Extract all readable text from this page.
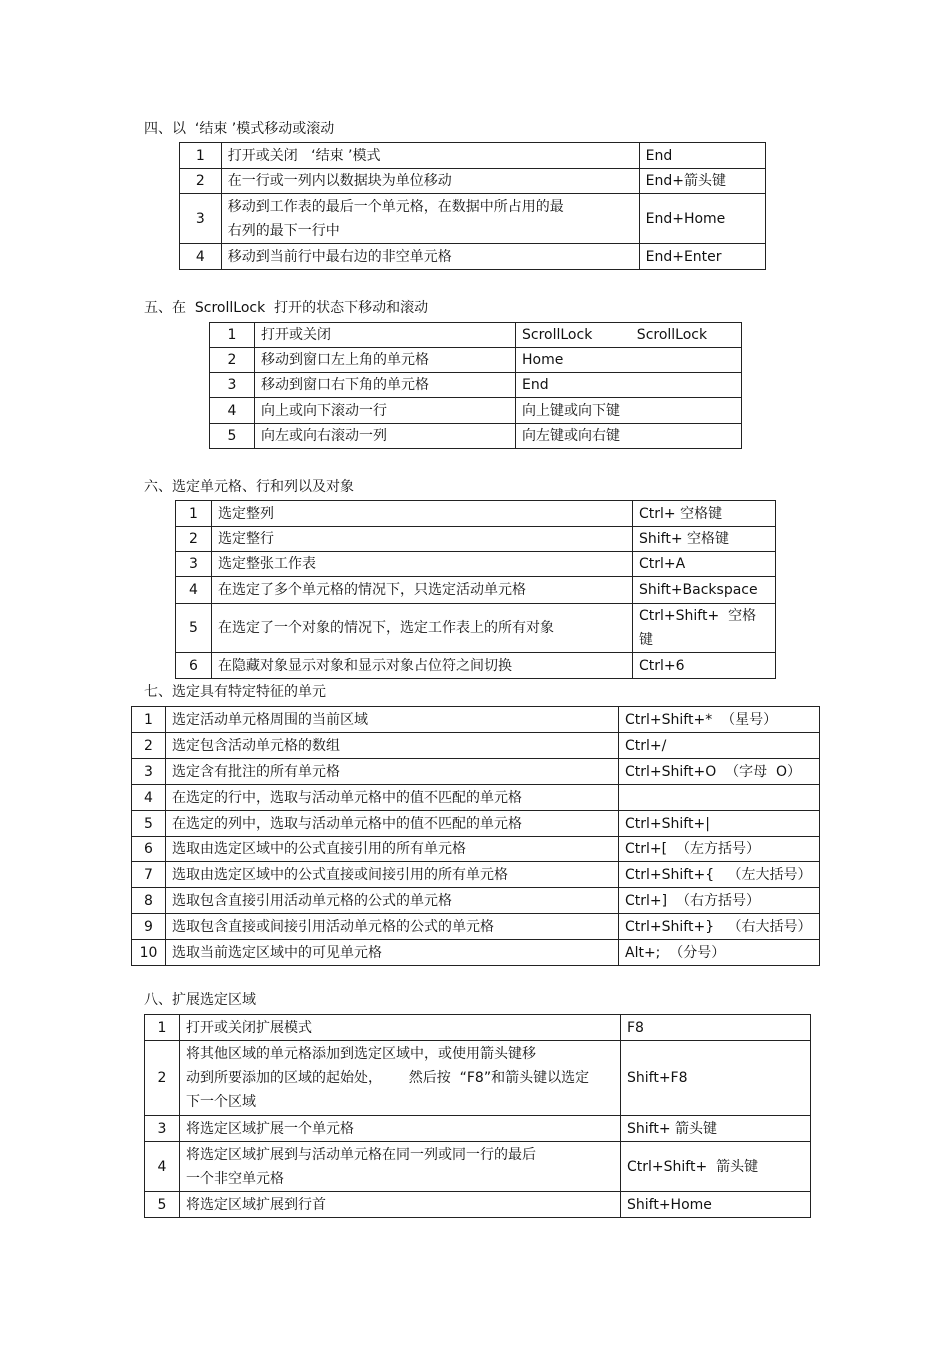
四、以  ‘结束 ’模式移动或滚动
1	打开或关闭   ‘结束 ’模式	End
2	在一行或一列内以数据块为单位移动	End+箭头键
3	移动到工作表的最后一个单元格，在数据中所占用的最
右列的最下一行中	End+Home
4	移动到当前行中最右边的非空单元格	End+Enter
五、在  ScrollLock  打开的状态下移动和滚动
1	打开或关闭	ScrollLock          ScrollLock
2	移动到窗口左上角的单元格	Home
3	移动到窗口右下角的单元格	End
4	向上或向下滚动一行	向上键或向下键
5	向左或向右滚动一列	向左键或向右键
六、选定单元格、行和列以及对象
1	选定整列	Ctrl+ 空格键
2	选定整行	Shift+ 空格键
3	选定整张工作表	Ctrl+A
4	在选定了多个单元格的情况下，只选定活动单元格	Shift+Backspace
5	在选定了一个对象的情况下，选定工作表上的所有对象	Ctrl+Shift+  空格键
6	在隐藏对象显示对象和显示对象占位符之间切换	Ctrl+6
七、选定具有特定特征的单元
1	选定活动单元格周围的当前区域	Ctrl+Shift+*  （星号）
2	选定包含活动单元格的数组	Ctrl+/
3	选定含有批注的所有单元格	Ctrl+Shift+O  （字母  O）
4	在选定的行中，选取与活动单元格中的值不匹配的单元格	
5	在选定的列中，选取与活动单元格中的值不匹配的单元格	Ctrl+Shift+|
6	选取由选定区域中的公式直接引用的所有单元格	Ctrl+[  （左方括号）
7	选取由选定区域中的公式直接或间接引用的所有单元格	Ctrl+Shift+{   （左大括号）
8	选取包含直接引用活动单元格的公式的单元格	Ctrl+]  （右方括号）
9	选取包含直接或间接引用活动单元格的公式的单元格	Ctrl+Shift+}   （右大括号）
10	选取当前选定区域中的可见单元格	Alt+;  （分号）
八、扩展选定区域
1	打开或关闭扩展模式	F8
2	将其他区域的单元格添加到选定区域中，或使用箭头键移
动到所要添加的区域的起始处，      然后按  “F8”和箭头键以选定
下一个区域	Shift+F8
3	将选定区域扩展一个单元格	Shift+ 箭头键
4	将选定区域扩展到与活动单元格在同一列或同一行的最后
一个非空单元格	Ctrl+Shift+  箭头键
5	将选定区域扩展到行首	Shift+Home
